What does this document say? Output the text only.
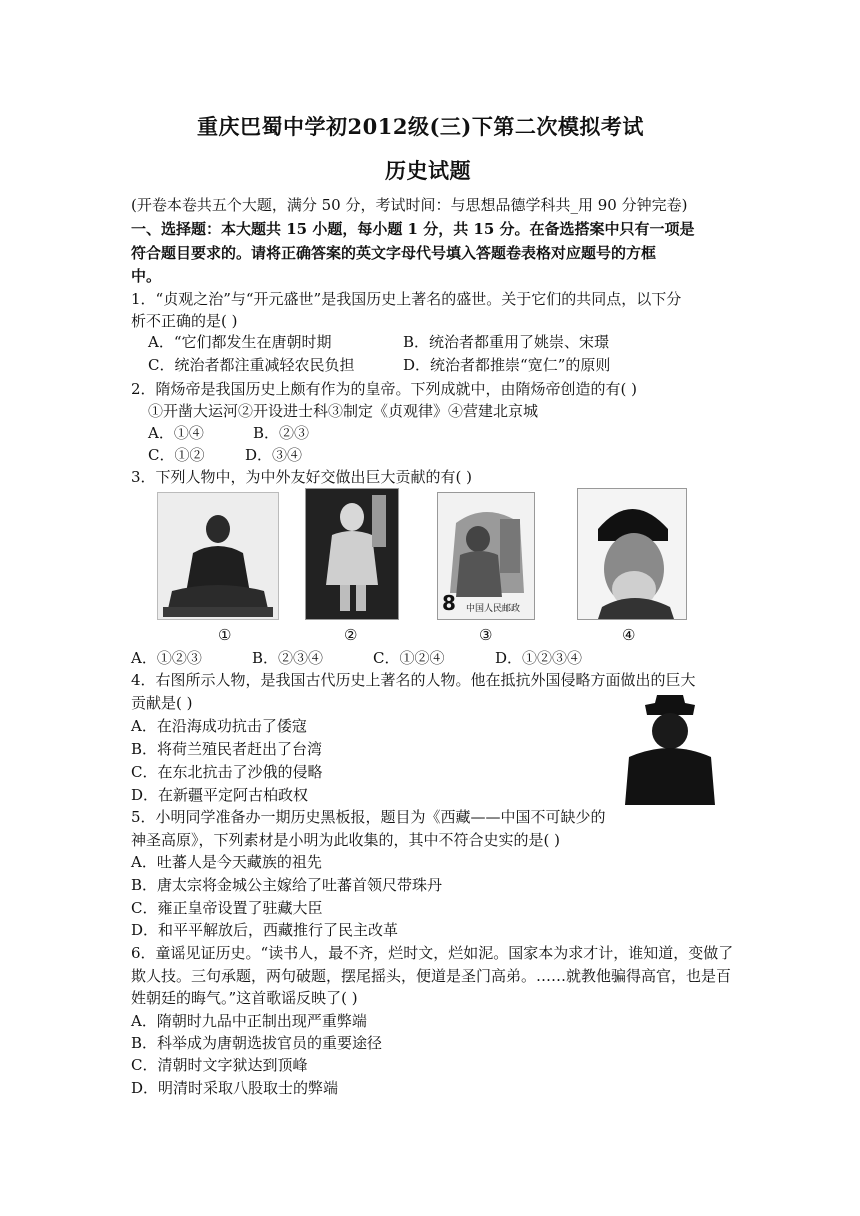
重庆巴蜀中学初2012级(三)下第二次模拟考试
历史试题
(开卷本卷共五个大题，满分 50 分，考试时间：与思想品德学科共_用 90 分钟完卷)
一、选择题：本大题共 15 小题，每小题 1 分，共 15 分。在备选搭案中只有一项是
符合题目要求的。请将正确答案的英文字母代号填入答题卷表格对应题号的方框
中。
1．“贞观之治”与“开元盛世”是我国历史上著名的盛世。关于它们的共同点，以下分
析不正确的是( )
A．“它们都发生在唐朝时期	B．统治者都重用了姚崇、宋璟
C．统治者都注重减轻农民负担	D．统治者都推崇“宽仁”的原则
2．隋炀帝是我国历史上颇有作为的皇帝。下列成就中，由隋炀帝创造的有( )
①开凿大运河②开设进士科③制定《贞观律》④营建北京城
A．①④	B．②③
C．①②	D．③④
3．下列人物中，为中外友好交做出巨大贡献的有( )
8 中国人民邮政
①	②	③	④
A．①②③	B．②③④	C．①②④	D．①②③④
4．右图所示人物，是我国古代历史上著名的人物。他在抵抗外国侵略方面做出的巨大
贡献是( )
A．在沿海成功抗击了倭寇
B．将荷兰殖民者赶出了台湾
C．在东北抗击了沙俄的侵略
D．在新疆平定阿古柏政权
5．小明同学准备办一期历史黑板报，题目为《西藏——中国不可缺少的
神圣高原》，下列素材是小明为此收集的，其中不符合史实的是( )
A．吐蕃人是今天藏族的祖先
B．唐太宗将金城公主嫁给了吐蕃首领尺带珠丹
C．雍正皇帝设置了驻藏大臣
D．和平平解放后，西藏推行了民主改革
6．童谣见证历史。“读书人，最不齐，烂时文，烂如泥。国家本为求才计，谁知道，变做了
欺人技。三句承题，两句破题，摆尾摇头，便道是圣门高弟。……就教他骗得高官，也是百
姓朝廷的晦气。”这首歌谣反映了( )
A．隋朝时九品中正制出现严重弊端
B．科举成为唐朝选拔官员的重要途径
C．清朝时文字狱达到顶峰
D．明清时采取八股取士的弊端
